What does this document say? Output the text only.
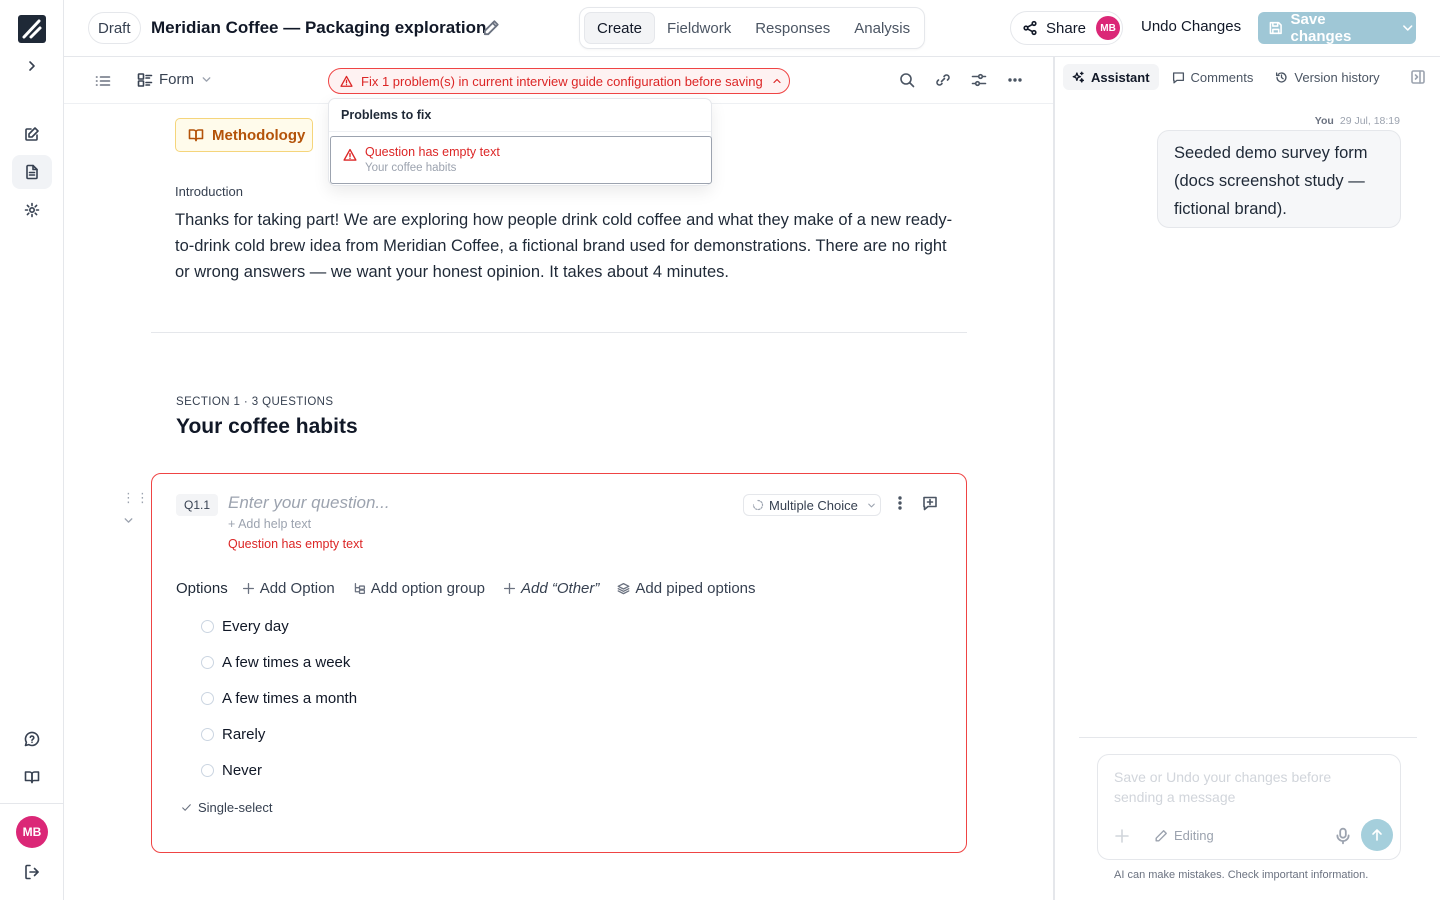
MB
Draft	Meridian Coffee — Packaging exploration	Create	Fieldwork	Responses	Analysis	Share	MB Undo Changes	Save changes
Form	Fix 1 problem(s) in current interview guide configuration before saving
Methodology
Introduction
Thanks for taking part! We are exploring how people drink cold coffee and what they make of a new ready-to-drink cold brew idea from Meridian Coffee, a fictional brand used for demonstrations. There are no right or wrong answers — we want your honest opinion. It takes about 4 minutes.
SECTION 1 · 3 QUESTIONS
Your coffee habits
⋮⋮	Q1.1	Enter your question...
+ Add help text
Question has empty text
Multiple Choice
Options Add Option Add option group Add “Other” Add piped options
Every day
A few times a week
A few times a month
Rarely
Never
Single-select
Problems to fix
Question has empty text
Your coffee habits
Assistant	Comments	Version history
You 29 Jul, 18:19
Seeded demo survey form (docs screenshot study — fictional brand).
Save or Undo your changes before sending a message
Editing
AI can make mistakes. Check important information.
